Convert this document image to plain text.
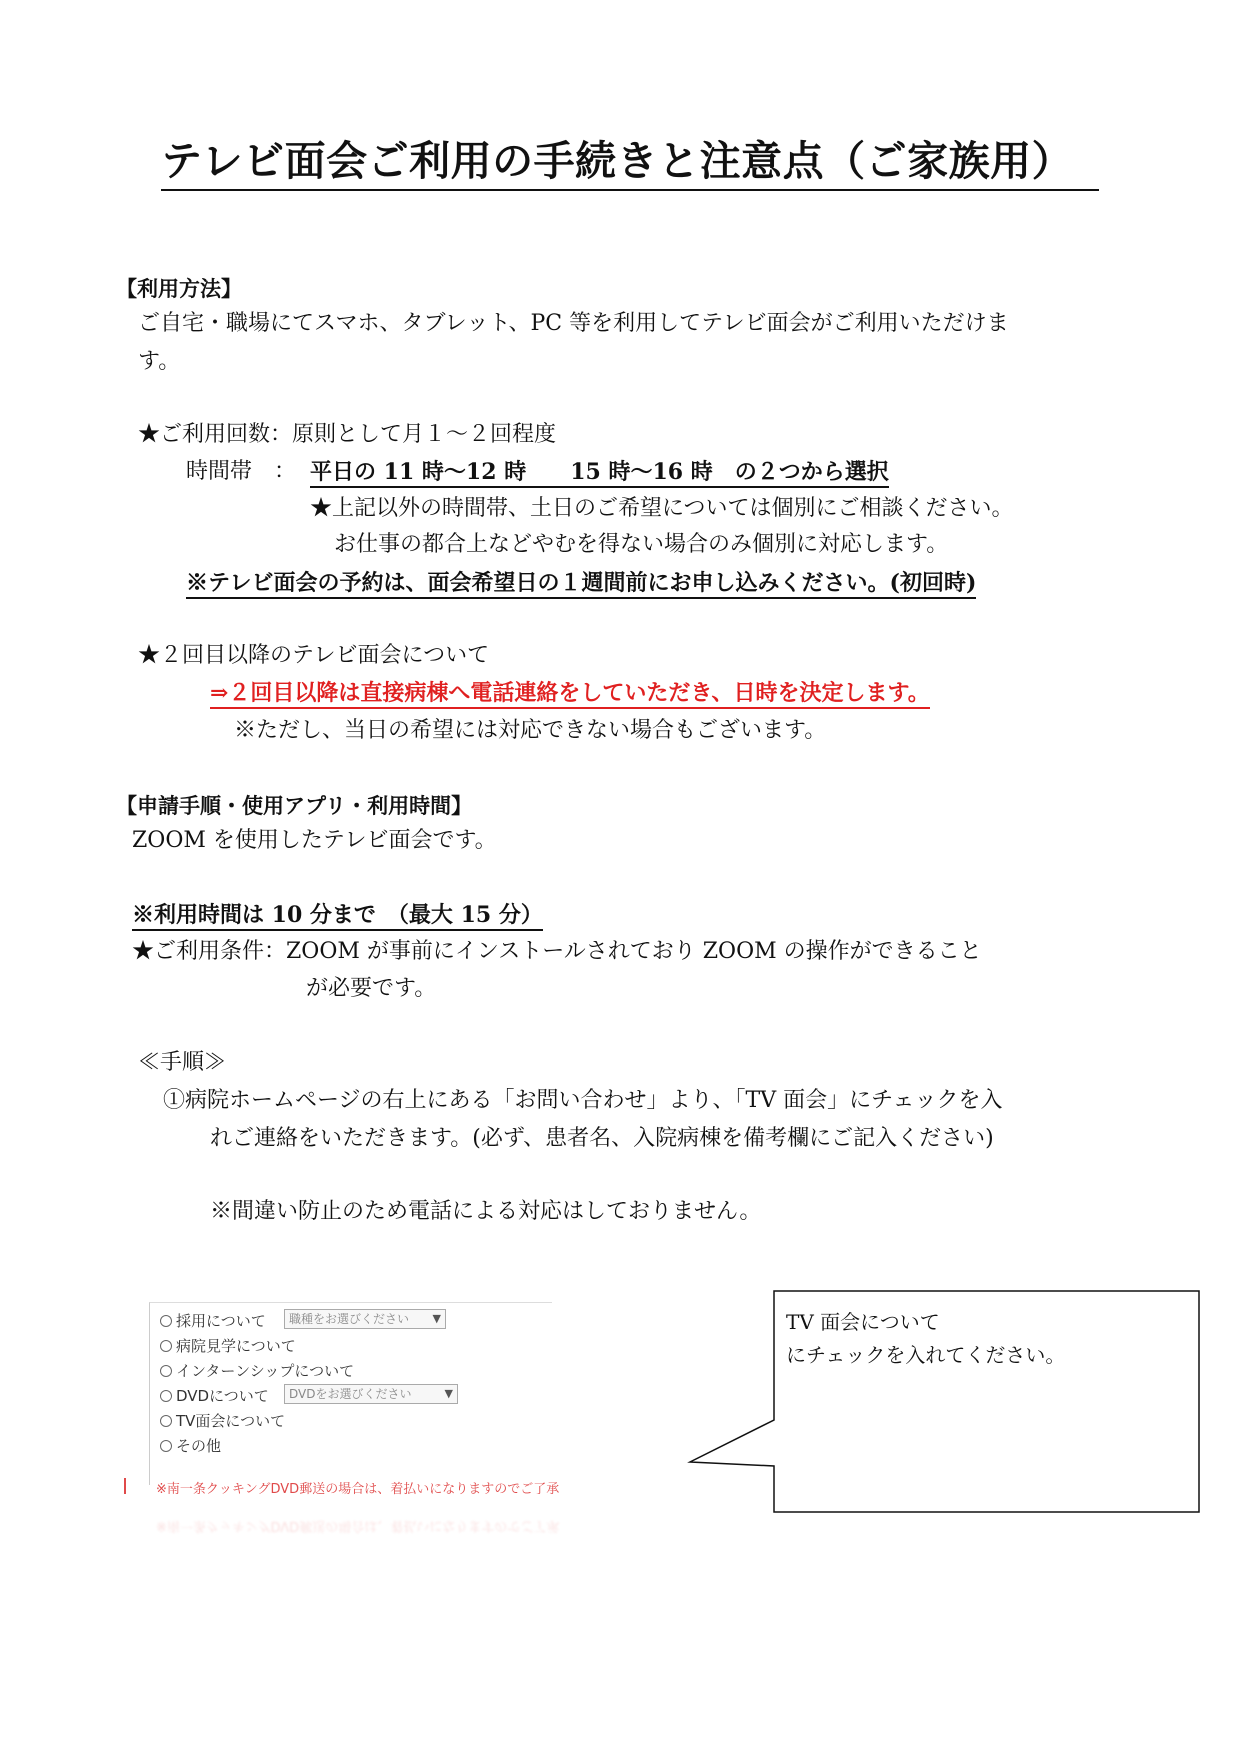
テレビ面会ご利用の手続きと注意点（ご家族用）
【利用方法】
ご自宅・職場にてスマホ、タブレット、PC 等を利用してテレビ面会がご利用いただけま
す。
★ご利用回数：原則として月１～２回程度
時間帯　： 平日の 11 時～12 時　　15 時～16 時　の２つから選択
★上記以外の時間帯、土日のご希望については個別にご相談ください。
お仕事の都合上などやむを得ない場合のみ個別に対応します。
※テレビ面会の予約は、面会希望日の１週間前にお申し込みください。(初回時)
★２回目以降のテレビ面会について
⇒２回目以降は直接病棟へ電話連絡をしていただき、日時を決定します。
※ただし、当日の希望には対応できない場合もございます。
【申請手順・使用アプリ・利用時間】
ZOOM を使用したテレビ面会です。
※利用時間は 10 分まで　（最大 15 分）
★ご利用条件：ZOOM が事前にインストールされており ZOOM の操作ができること
が必要です。
≪手順≫
①病院ホームページの右上にある「お問い合わせ」より、「TV 面会」にチェックを入
れご連絡をいただきます。(必ず、患者名、入院病棟を備考欄にご記入ください)
※間違い防止のため電話による対応はしておりません。
採用について	職種をお選びください ▼
病院見学について
インターンシップについて
DVDについて	DVDをお選びください	▼
TV面会について
その他
※南一条クッキングDVD郵送の場合は、着払いになりますのでご了承
※南一条クッキングDVD郵送の場合は、着払いになりますのでご了承
TV 面会について
にチェックを入れてください。
